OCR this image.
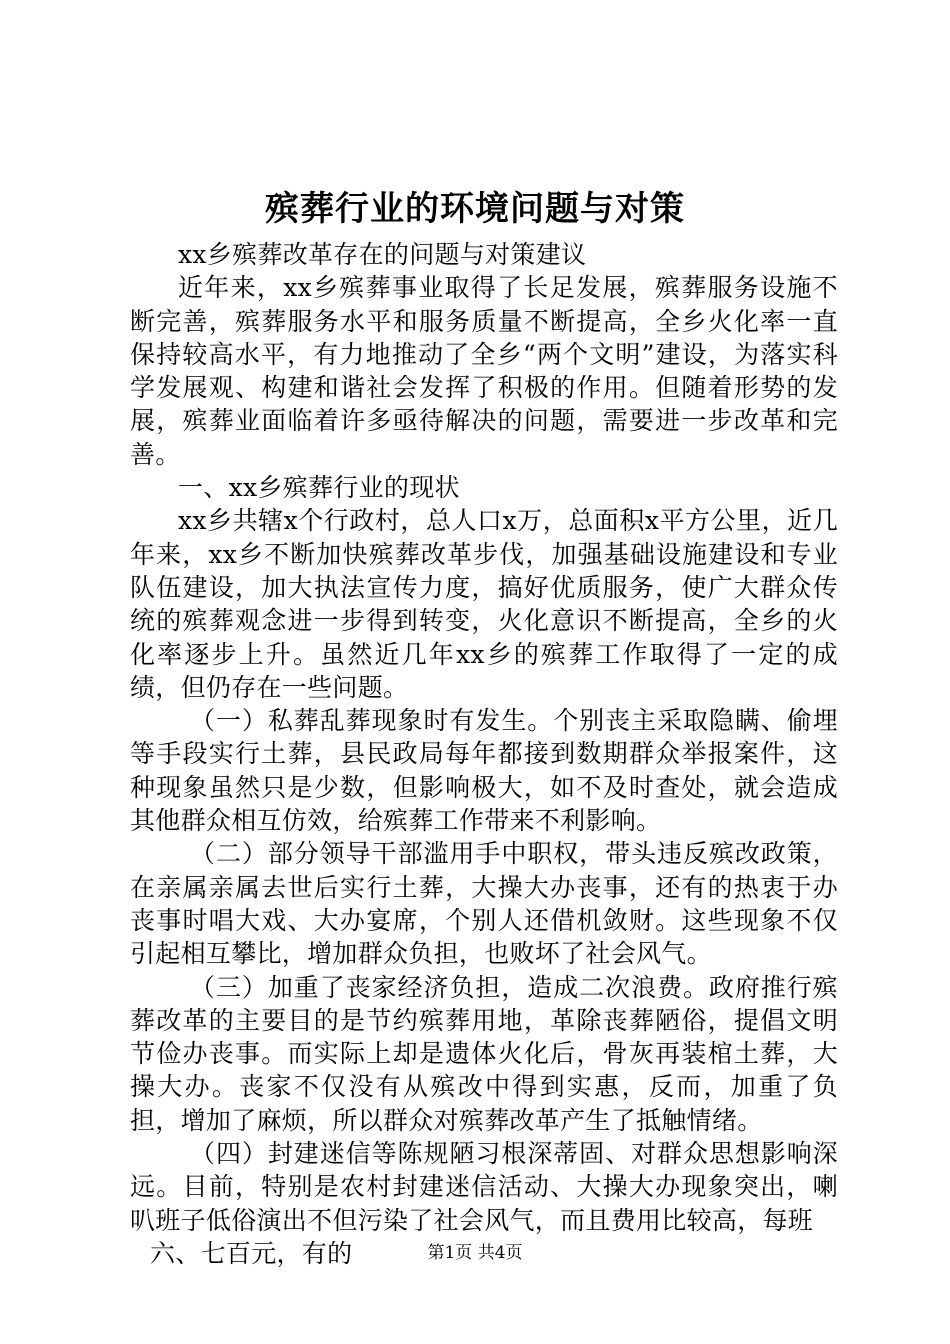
殡葬行业的环境问题与对策

xx乡殡葬改革存在的问题与对策建议

近年来，xx乡殡葬事业取得了长足发展，殡葬服务设施不断完善，殡葬服务水平和服务质量不断提高，全乡火化率一直保持较高水平，有力地推动了全乡“两个文明”建设，为落实科学发展观、构建和谐社会发挥了积极的作用。但随着形势的发展，殡葬业面临着许多亟待解决的问题，需要进一步改革和完善。

一、xx乡殡葬行业的现状

xx乡共辖x个行政村，总人口x万，总面积x平方公里，近几年来，xx乡不断加快殡葬改革步伐，加强基础设施建设和专业队伍建设，加大执法宣传力度，搞好优质服务，使广大群众传统的殡葬观念进一步得到转变，火化意识不断提高，全乡的火化率逐步上升。虽然近几年xx乡的殡葬工作取得了一定的成绩，但仍存在一些问题。

（一）私葬乱葬现象时有发生。个别丧主采取隐瞒、偷埋等手段实行土葬，县民政局每年都接到数期群众举报案件，这种现象虽然只是少数，但影响极大，如不及时查处，就会造成其他群众相互仿效，给殡葬工作带来不利影响。

（二）部分领导干部滥用手中职权，带头违反殡改政策，在亲属亲属去世后实行土葬，大操大办丧事，还有的热衷于办丧事时唱大戏、大办宴席，个别人还借机敛财。这些现象不仅引起相互攀比，增加群众负担，也败坏了社会风气。

（三）加重了丧家经济负担，造成二次浪费。政府推行殡葬改革的主要目的是节约殡葬用地，革除丧葬陋俗，提倡文明节俭办丧事。而实际上却是遗体火化后，骨灰再装棺土葬，大操大办。丧家不仅没有从殡改中得到实惠，反而，加重了负担，增加了麻烦，所以群众对殡葬改革产生了抵触情绪。

（四）封建迷信等陈规陋习根深蒂固、对群众思想影响深远。目前，特别是农村封建迷信活动、大操大办现象突出，喇叭班子低俗演出不但污染了社会风气，而且费用比较高，每班

六、七百元，有的	第1页 共4页
